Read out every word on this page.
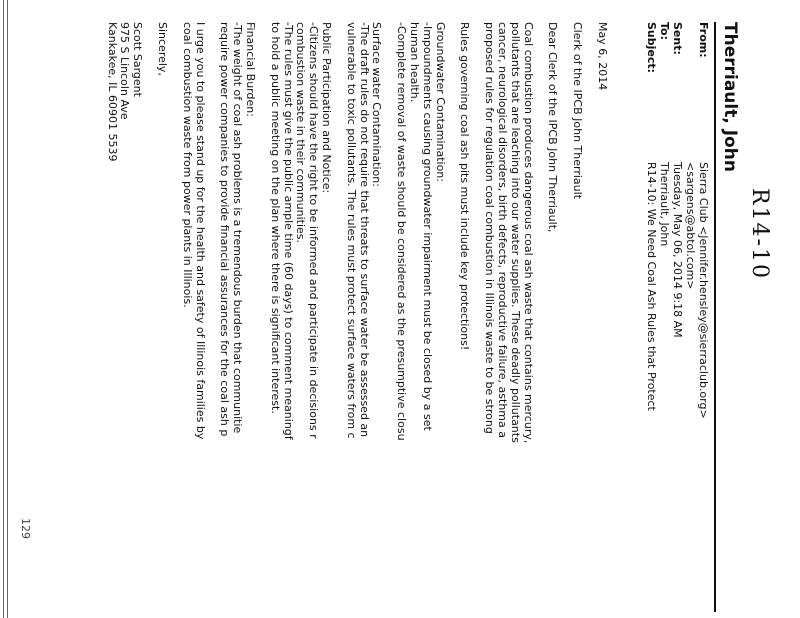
R14-10
Therriault, John
From:
Sierra Club <Jennifer.hensley@sierraclub.org>
<sargens@abtol.com>
Sent:
Tuesday, May 06, 2014 9:18 AM
To:
Therriault, John
Subject:
R14-10: We Need Coal Ash Rules that Protect

May 6, 2014

Clerk of the IPCB John Therriault

Dear Clerk of the IPCB John Therriault,

Coal combustion produces dangerous coal ash waste that contains mercury,
pollutants that are leaching into our water supplies. These deadly pollutants
cancer, neurological disorders, birth defects, reproductive failure, asthma a
proposed rules for regulation coal combustion in Illinois waste to be strong

Rules governing coal ash pits must include key protections!

Groundwater Contamination:
-Impoundments causing groundwater impairment must be closed by a set
human health.
-Complete removal of waste should be considered as the presumptive closu

Surface water Contamination:
-The draft rules do not require that threats to surface water be assessed an
vulnerable to toxic pollutants. The rules must protect surface waters from c

Public Participation and Notice:
-Citizens should have the right to be informed and participate in decisions r
combustion waste in their communities.
-The rules must give the public ample time (60 days) to comment meaningf
to hold a public meeting on the plan where there is significant interest.

Financial Burden:
-The weight of coal ash problems is a tremendous burden that communitie
require power companies to provide financial assurances for the coal ash p

I urge you to please stand up for the health and safety of Illinois families by
coal combustion waste from power plants in Illinois.

Sincerely,

Scott Sargent
975 S Lincoln Ave
Kankakee, IL 60901 5539
129
